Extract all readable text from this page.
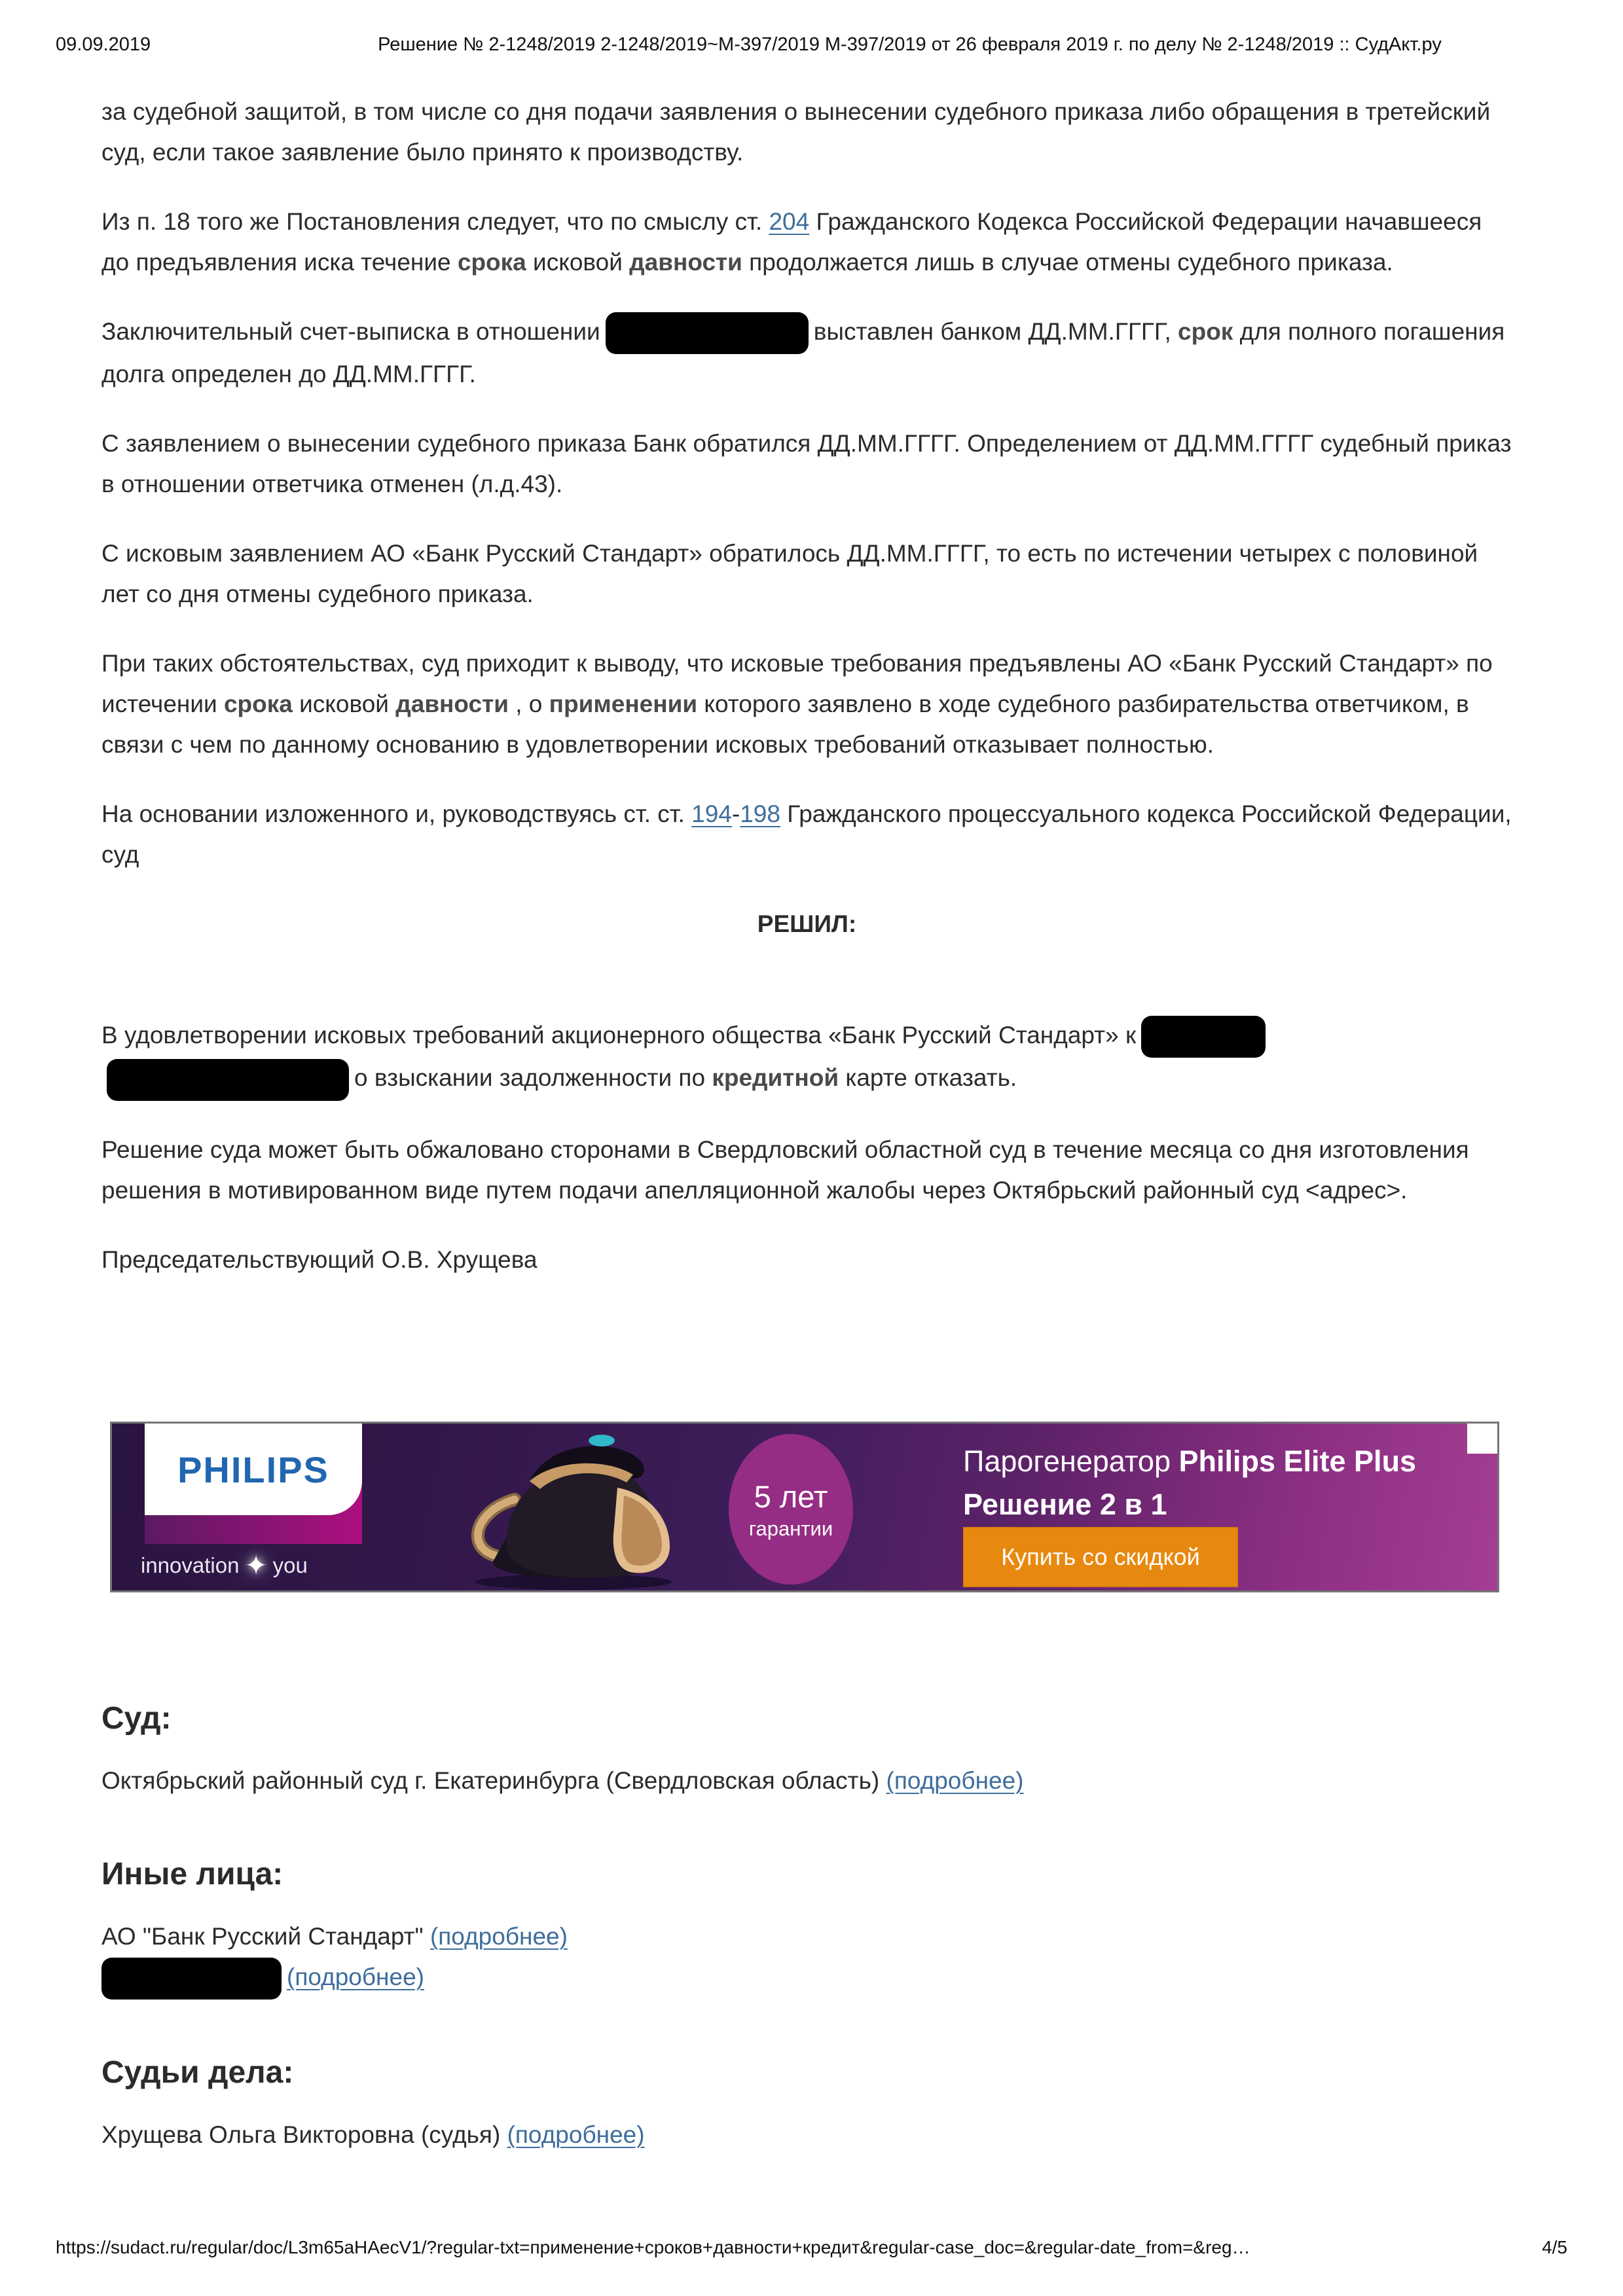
09.09.2019	Решение № 2-1248/2019 2-1248/2019~М-397/2019 М-397/2019 от 26 февраля 2019 г. по делу № 2-1248/2019 :: СудАкт.ру

за судебной защитой, в том числе со дня подачи заявления о вынесении судебного приказа либо обращения в третейский суд, если такое заявление было принято к производству.

Из п. 18 того же Постановления следует, что по смыслу ст. 204 Гражданского Кодекса Российской Федерации начавшееся до предъявления иска течение срока исковой давности продолжается лишь в случае отмены судебного приказа.

Заключительный счет-выписка в отношении	выставлен банком ДД.ММ.ГГГГ, срок для полного погашения долга определен до ДД.ММ.ГГГГ.

С заявлением о вынесении судебного приказа Банк обратился ДД.ММ.ГГГГ. Определением от ДД.ММ.ГГГГ судебный приказ в отношении ответчика отменен (л.д.43).

С исковым заявлением АО «Банк Русский Стандарт» обратилось ДД.ММ.ГГГГ, то есть по истечении четырех с половиной лет со дня отмены судебного приказа.

При таких обстоятельствах, суд приходит к выводу, что исковые требования предъявлены АО «Банк Русский Стандарт» по истечении срока исковой давности , о применении которого заявлено в ходе судебного разбирательства ответчиком, в связи с чем по данному основанию в удовлетворении исковых требований отказывает полностью.

На основании изложенного и, руководствуясь ст. ст. 194-198 Гражданского процессуального кодекса Российской Федерации, суд

РЕШИЛ:

В удовлетворении исковых требований акционерного общества «Банк Русский Стандарт» к
о взыскании задолженности по кредитной карте отказать.

Решение суда может быть обжаловано сторонами в Свердловский областной суд в течение месяца со дня изготовления решения в мотивированном виде путем подачи апелляционной жалобы через Октябрьский районный суд <адрес>.

Председательствующий О.В. Хрущева

PHILIPS
innovation ✦ you
5 лет
гарантии
Парогенератор Philips Elite Plus
Решение 2 в 1
Купить со скидкой
Суд:
Октябрьский районный суд г. Екатеринбурга (Свердловская область) (подробнее)
Иные лица:
АО "Банк Русский Стандарт" (подробнее)
(подробнее)
Судьи дела:
Хрущева Ольга Викторовна (судья) (подробнее)
https://sudact.ru/regular/doc/L3m65aHAecV1/?regular-txt=применение+сроков+давности+кредит&regular-case_doc=&regular-date_from=&reg…	4/5
